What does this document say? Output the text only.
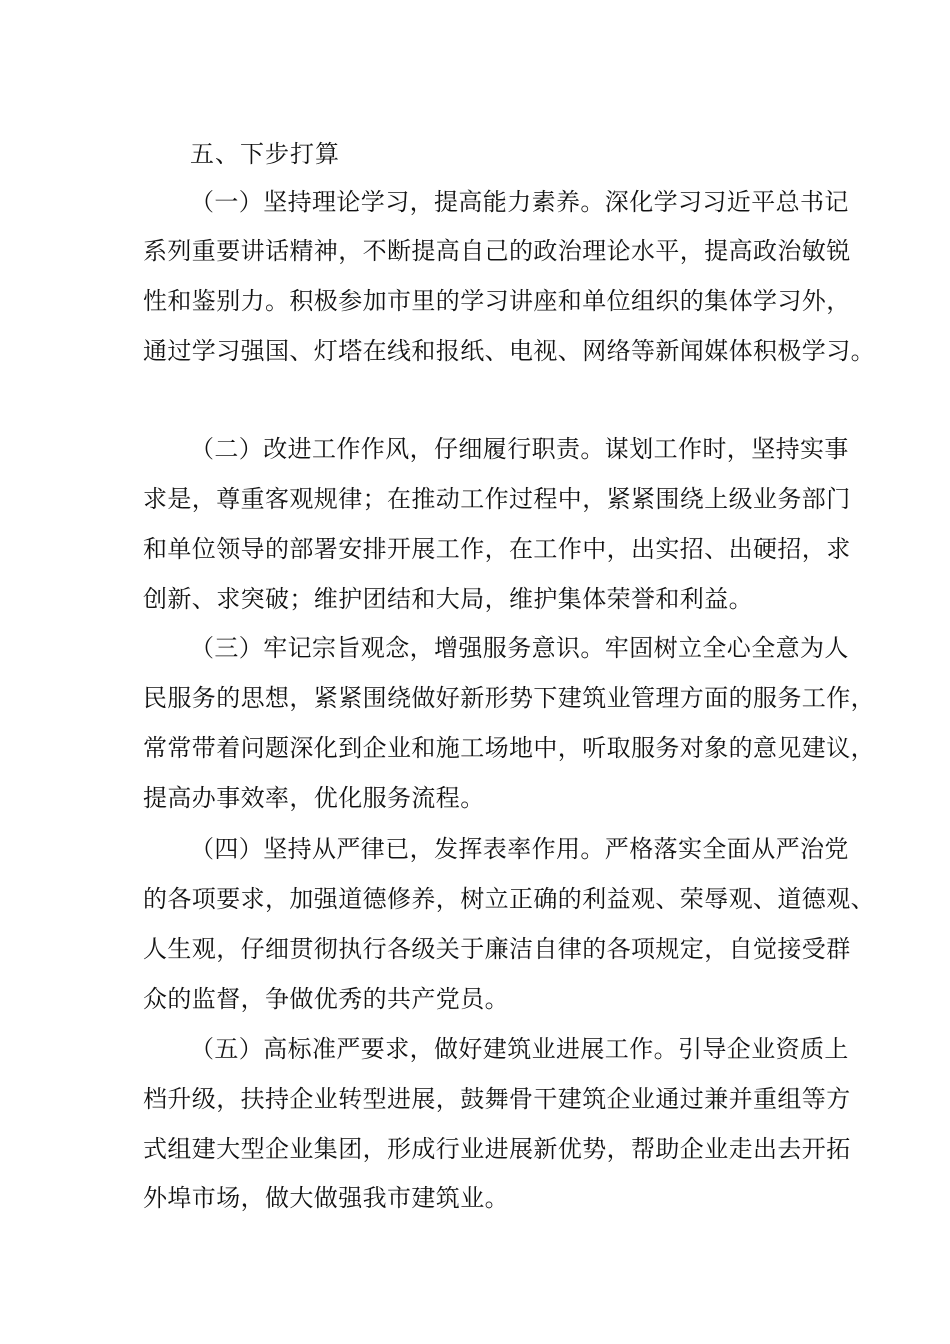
五、下步打算
（一）坚持理论学习，提高能力素养。深化学习习近平总书记
系列重要讲话精神，不断提高自己的政治理论水平，提高政治敏锐
性和鉴别力。积极参加市里的学习讲座和单位组织的集体学习外，
通过学习强国、灯塔在线和报纸、电视、网络等新闻媒体积极学习。
（二）改进工作作风，仔细履行职责。谋划工作时，坚持实事
求是，尊重客观规律；在推动工作过程中，紧紧围绕上级业务部门
和单位领导的部署安排开展工作，在工作中，出实招、出硬招，求
创新、求突破；维护团结和大局，维护集体荣誉和利益。
（三）牢记宗旨观念，增强服务意识。牢固树立全心全意为人
民服务的思想，紧紧围绕做好新形势下建筑业管理方面的服务工作，
常常带着问题深化到企业和施工场地中，听取服务对象的意见建议，
提高办事效率，优化服务流程。
（四）坚持从严律已，发挥表率作用。严格落实全面从严治党
的各项要求，加强道德修养，树立正确的利益观、荣辱观、道德观、
人生观，仔细贯彻执行各级关于廉洁自律的各项规定，自觉接受群
众的监督，争做优秀的共产党员。
（五）高标准严要求，做好建筑业进展工作。引导企业资质上
档升级，扶持企业转型进展，鼓舞骨干建筑企业通过兼并重组等方
式组建大型企业集团，形成行业进展新优势，帮助企业走出去开拓
外埠市场，做大做强我市建筑业。
